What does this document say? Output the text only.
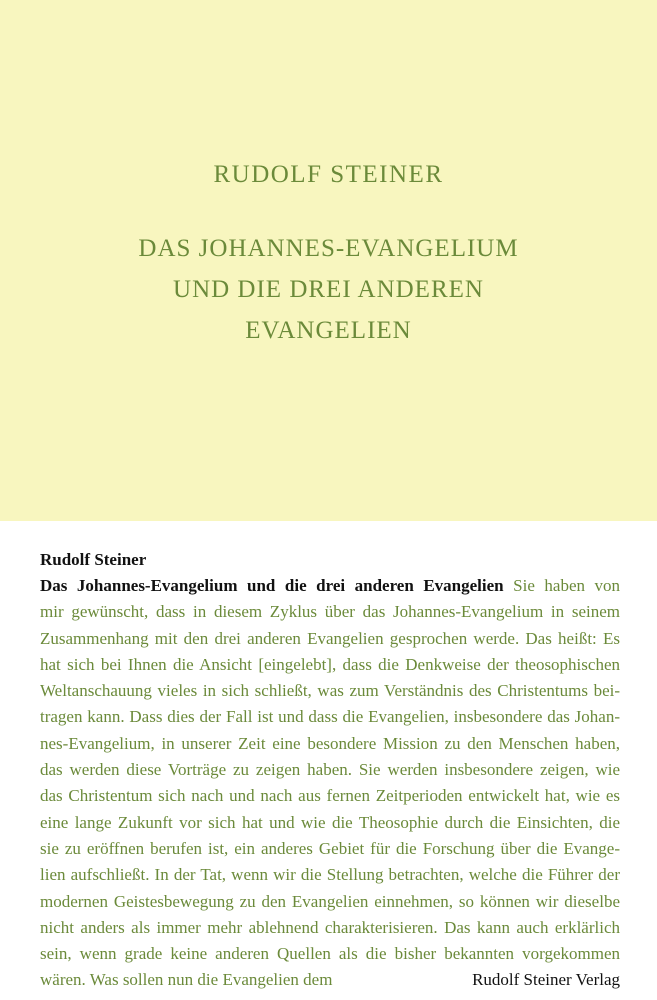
RUDOLF STEINER
DAS JOHANNES-EVANGELIUM
UND DIE DREI ANDEREN
EVANGELIEN
Rudolf Steiner
Das Johannes-Evangelium und die drei anderen Evangelien Sie haben von
mir gewünscht, dass in diesem Zyklus über das Johannes-Evangelium in seinem
Zusammenhang mit den drei anderen Evangelien gesprochen werde. Das heißt: Es
hat sich bei Ihnen die Ansicht [eingelebt], dass die Denkweise der theosophischen
Weltanschauung vieles in sich schließt, was zum Verständnis des Christentums bei-
tragen kann. Dass dies der Fall ist und dass die Evangelien, insbesondere das Johan-
nes-Evangelium, in unserer Zeit eine besondere Mission zu den Menschen haben,
das werden diese Vorträge zu zeigen haben. Sie werden insbesondere zeigen, wie
das Christentum sich nach und nach aus fernen Zeitperioden entwickelt hat, wie es
eine lange Zukunft vor sich hat und wie die Theosophie durch die Einsichten, die
sie zu eröffnen berufen ist, ein anderes Gebiet für die Forschung über die Evange-
lien aufschließt. In der Tat, wenn wir die Stellung betrachten, welche die Führer der
modernen Geistesbewegung zu den Evangelien einnehmen, so können wir dieselbe
nicht anders als immer mehr ablehnend charakterisieren. Das kann auch erklärlich
sein, wenn grade keine anderen Quellen als die bisher bekannten vorgekommen
wären. Was sollen nun die Evangelien dem	Rudolf Steiner Verlag
